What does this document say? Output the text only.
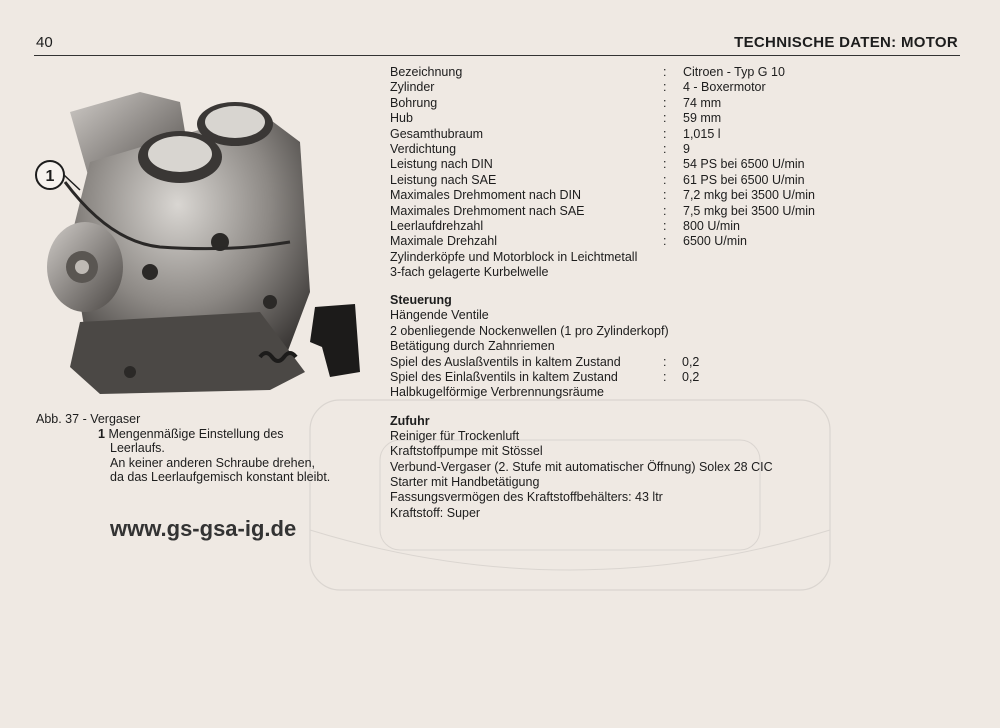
40	TECHNISCHE DATEN: MOTOR
1
Abb. 37 - Vergaser
1 Mengenmäßige Einstellung des
Leerlaufs.
An keiner anderen Schraube drehen,
da das Leerlaufgemisch konstant bleibt.
www.gs-gsa-ig.de
Bezeichnung	: Citroen - Typ G 10
Zylinder	: 4 - Boxermotor
Bohrung	: 74 mm
Hub	: 59 mm
Gesamthubraum	: 1,015 l
Verdichtung	: 9
Leistung nach DIN	: 54 PS bei 6500 U/min
Leistung nach SAE	: 61 PS bei 6500 U/min
Maximales Drehmoment nach DIN	: 7,2 mkg bei 3500 U/min
Maximales Drehmoment nach SAE	: 7,5 mkg bei 3500 U/min
Leerlaufdrehzahl	: 800 U/min
Maximale Drehzahl	: 6500 U/min
Zylinderköpfe und Motorblock in Leichtmetall
3-fach gelagerte Kurbelwelle
Steuerung
Hängende Ventile
2 obenliegende Nockenwellen (1 pro Zylinderkopf)
Betätigung durch Zahnriemen
Spiel des Auslaßventils in kaltem Zustand	: 0,2
Spiel des Einlaßventils in kaltem Zustand	: 0,2
Halbkugelförmige Verbrennungsräume
Zufuhr
Reiniger für Trockenluft
Kraftstoffpumpe mit Stössel
Verbund-Vergaser (2. Stufe mit automatischer Öffnung) Solex 28 CIC
Starter mit Handbetätigung
Fassungsvermögen des Kraftstoffbehälters: 43 ltr
Kraftstoff: Super
